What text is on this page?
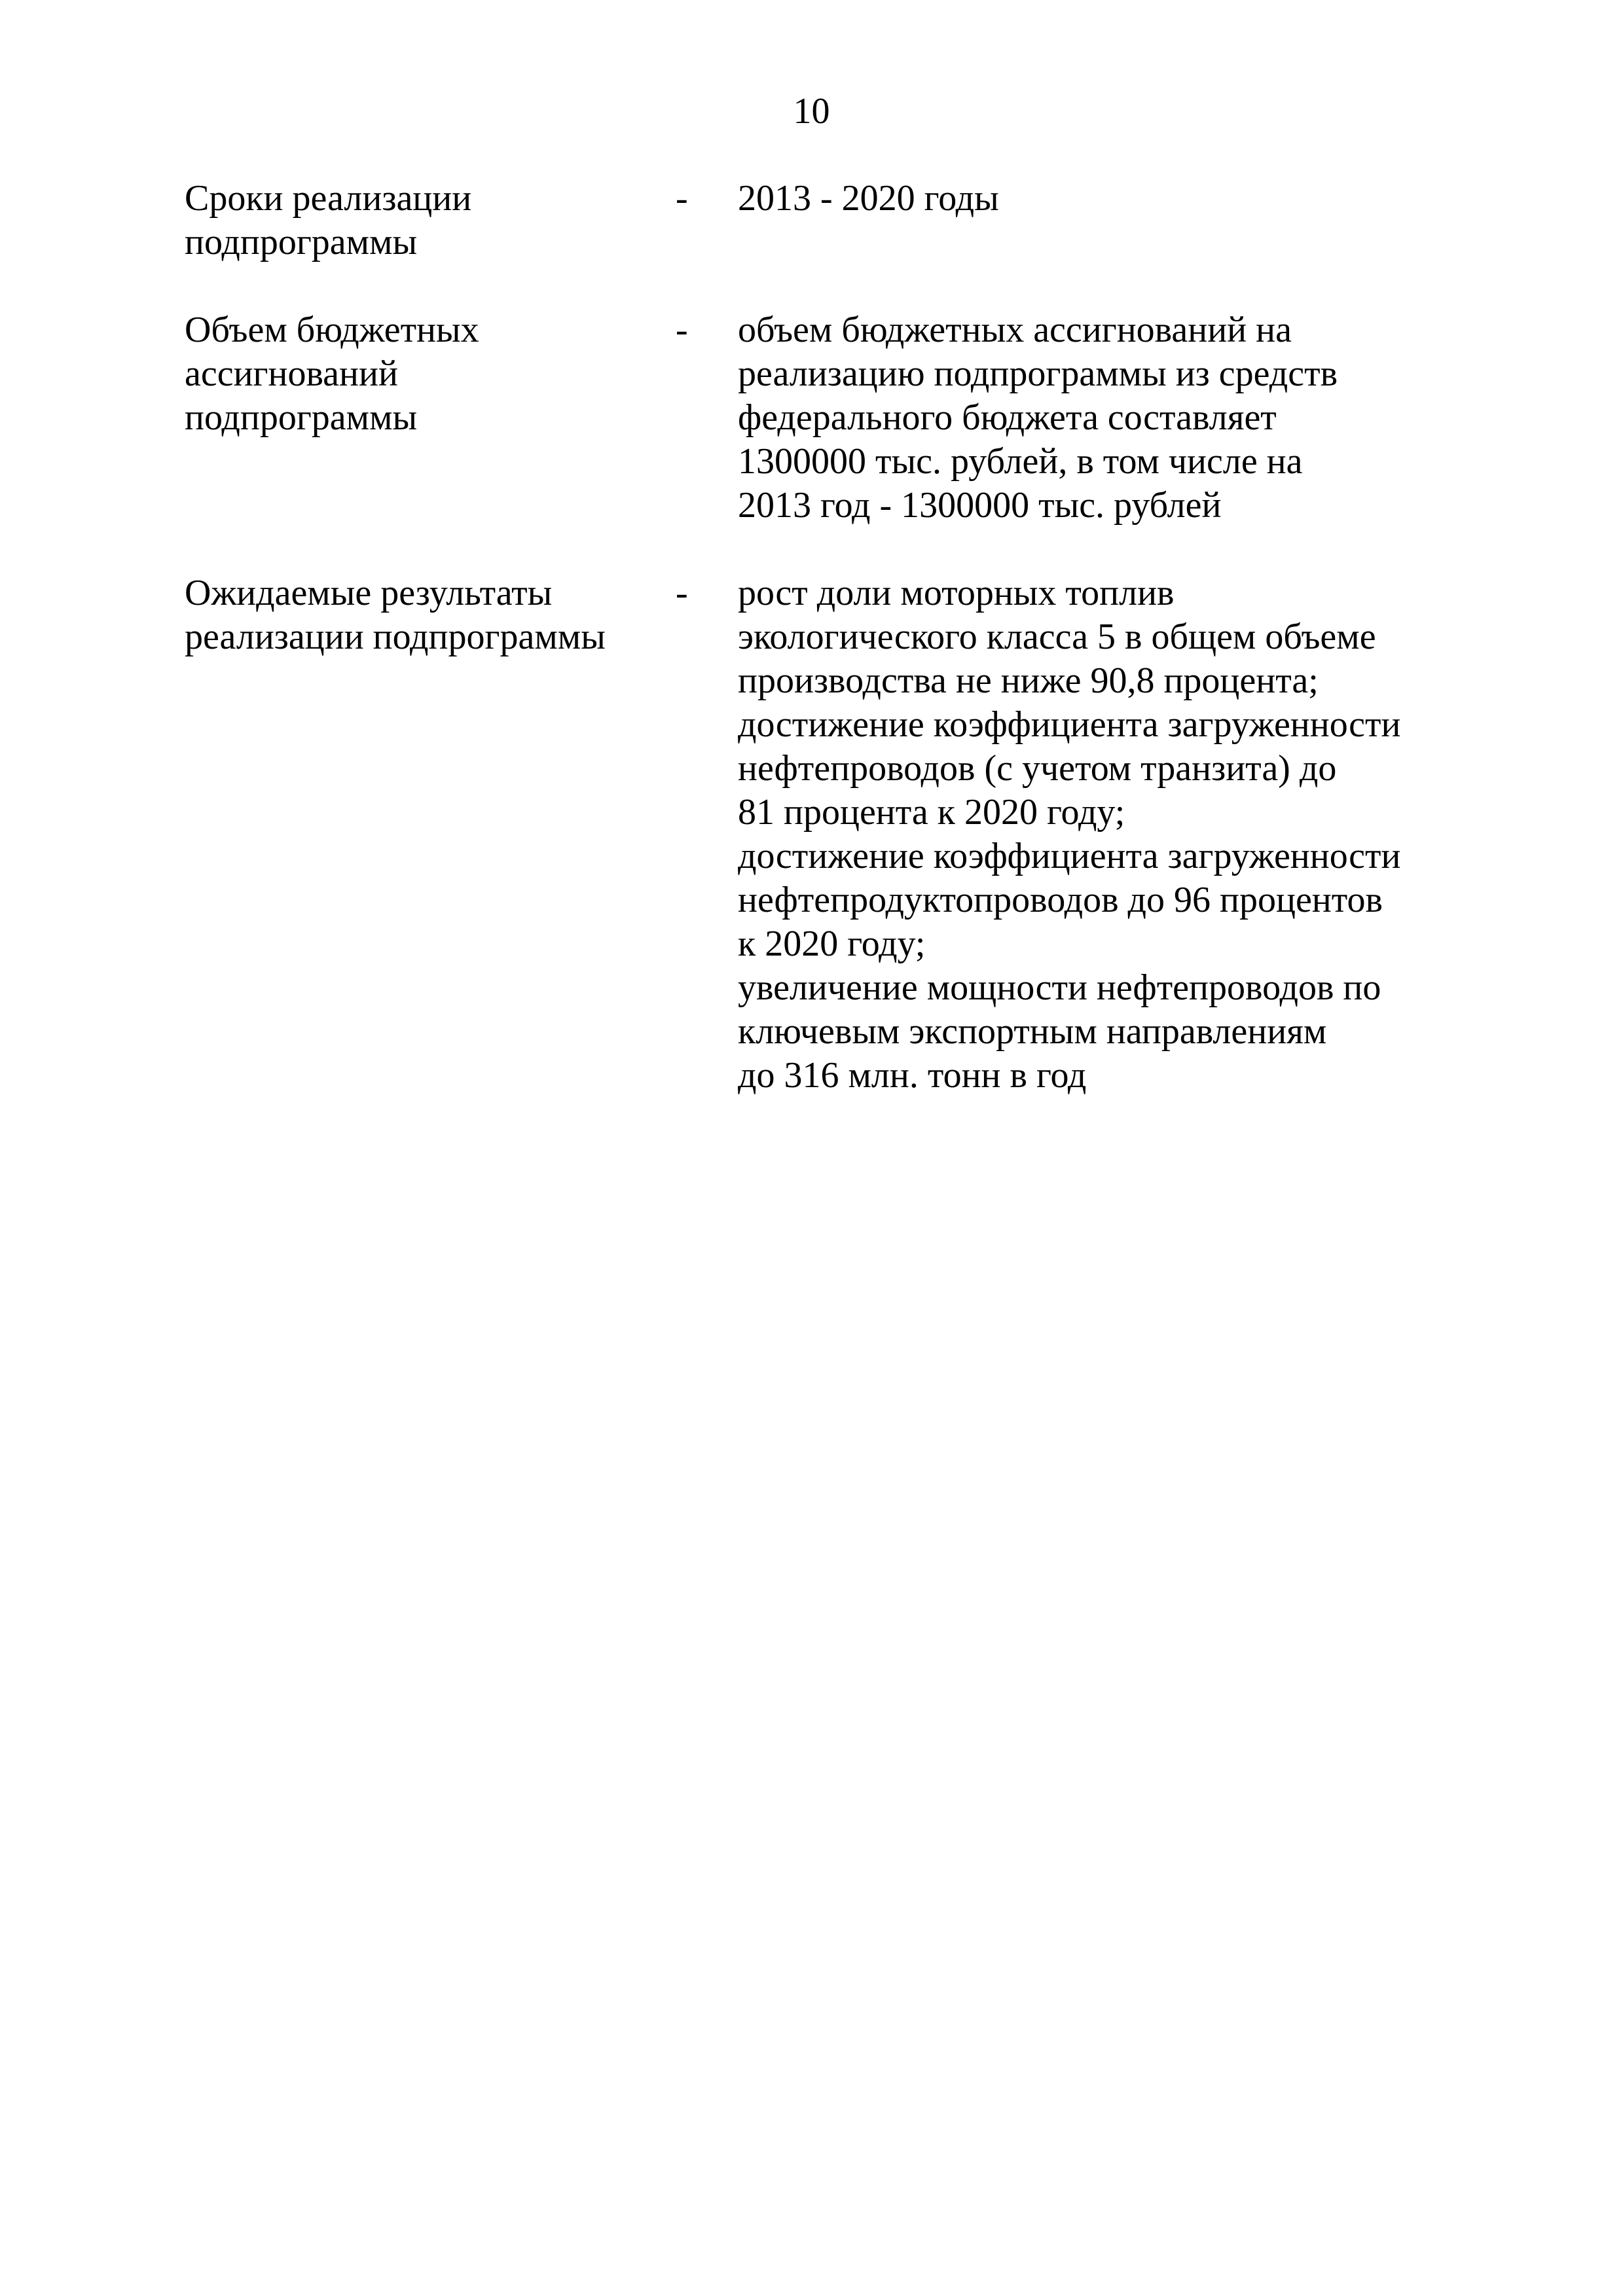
10
Сроки реализации
подпрограммы
-	2013 - 2020 годы
Объем бюджетных
ассигнований
подпрограммы
-	объем бюджетных ассигнований на
реализацию подпрограммы из средств
федерального бюджета составляет
1300000 тыс. рублей, в том числе на
2013 год - 1300000 тыс. рублей
Ожидаемые результаты
реализации подпрограммы
-	рост доли моторных топлив
экологического класса 5 в общем объеме
производства не ниже 90,8 процента;
достижение коэффициента загруженности
нефтепроводов (с учетом транзита) до
81 процента к 2020 году;
достижение коэффициента загруженности
нефтепродуктопроводов до 96 процентов
к 2020 году;
увеличение мощности нефтепроводов по
ключевым экспортным направлениям
до 316 млн. тонн в год
